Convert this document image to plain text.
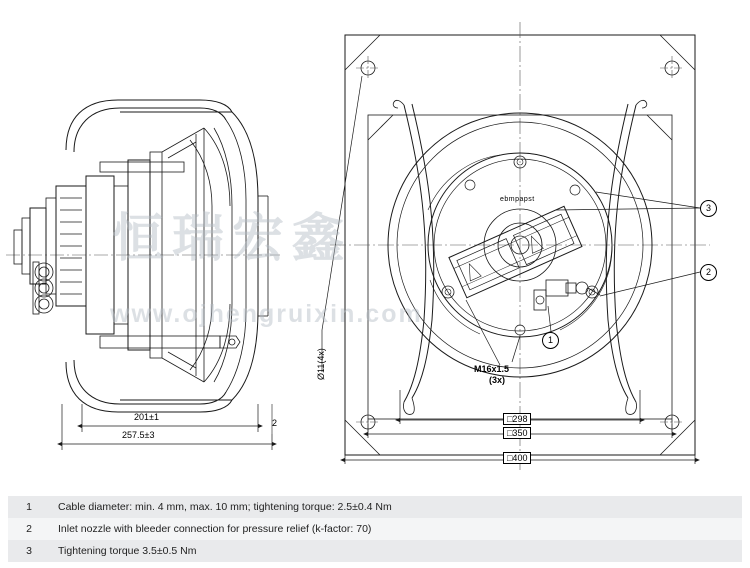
201±1
257.5±3
2
Ø11(4x)
□298
□350
□400
M16x1.5
(3x)
1
2
3
ebmpapst
恒瑞宏鑫
www.ojhengruixin.com
1	Cable diameter: min. 4 mm, max. 10 mm; tightening torque: 2.5±0.4 Nm
2	Inlet nozzle with bleeder connection for pressure relief (k-factor: 70)
3	Tightening torque 3.5±0.5 Nm
